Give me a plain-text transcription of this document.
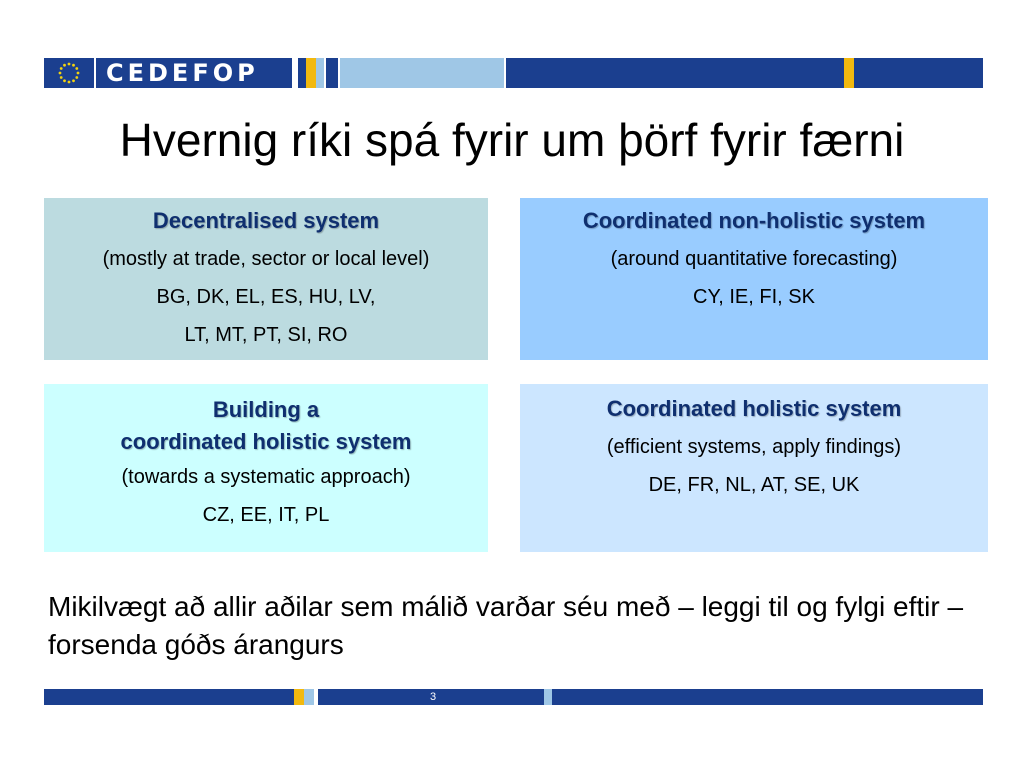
CEDEFOP
Hvernig ríki spá fyrir um þörf fyrir færni
Decentralised system
(mostly at trade, sector or local level)
BG, DK, EL, ES, HU, LV,
LT, MT, PT, SI, RO
Coordinated non-holistic system
(around quantitative forecasting)
CY, IE, FI, SK
Building a
coordinated holistic system
(towards a systematic approach)
CZ, EE, IT, PL
Coordinated holistic system
(efficient systems, apply findings)
DE, FR, NL, AT, SE, UK
Mikilvægt að allir aðilar sem málið varðar séu með – leggi til og fylgi eftir – forsenda góðs árangurs
3
